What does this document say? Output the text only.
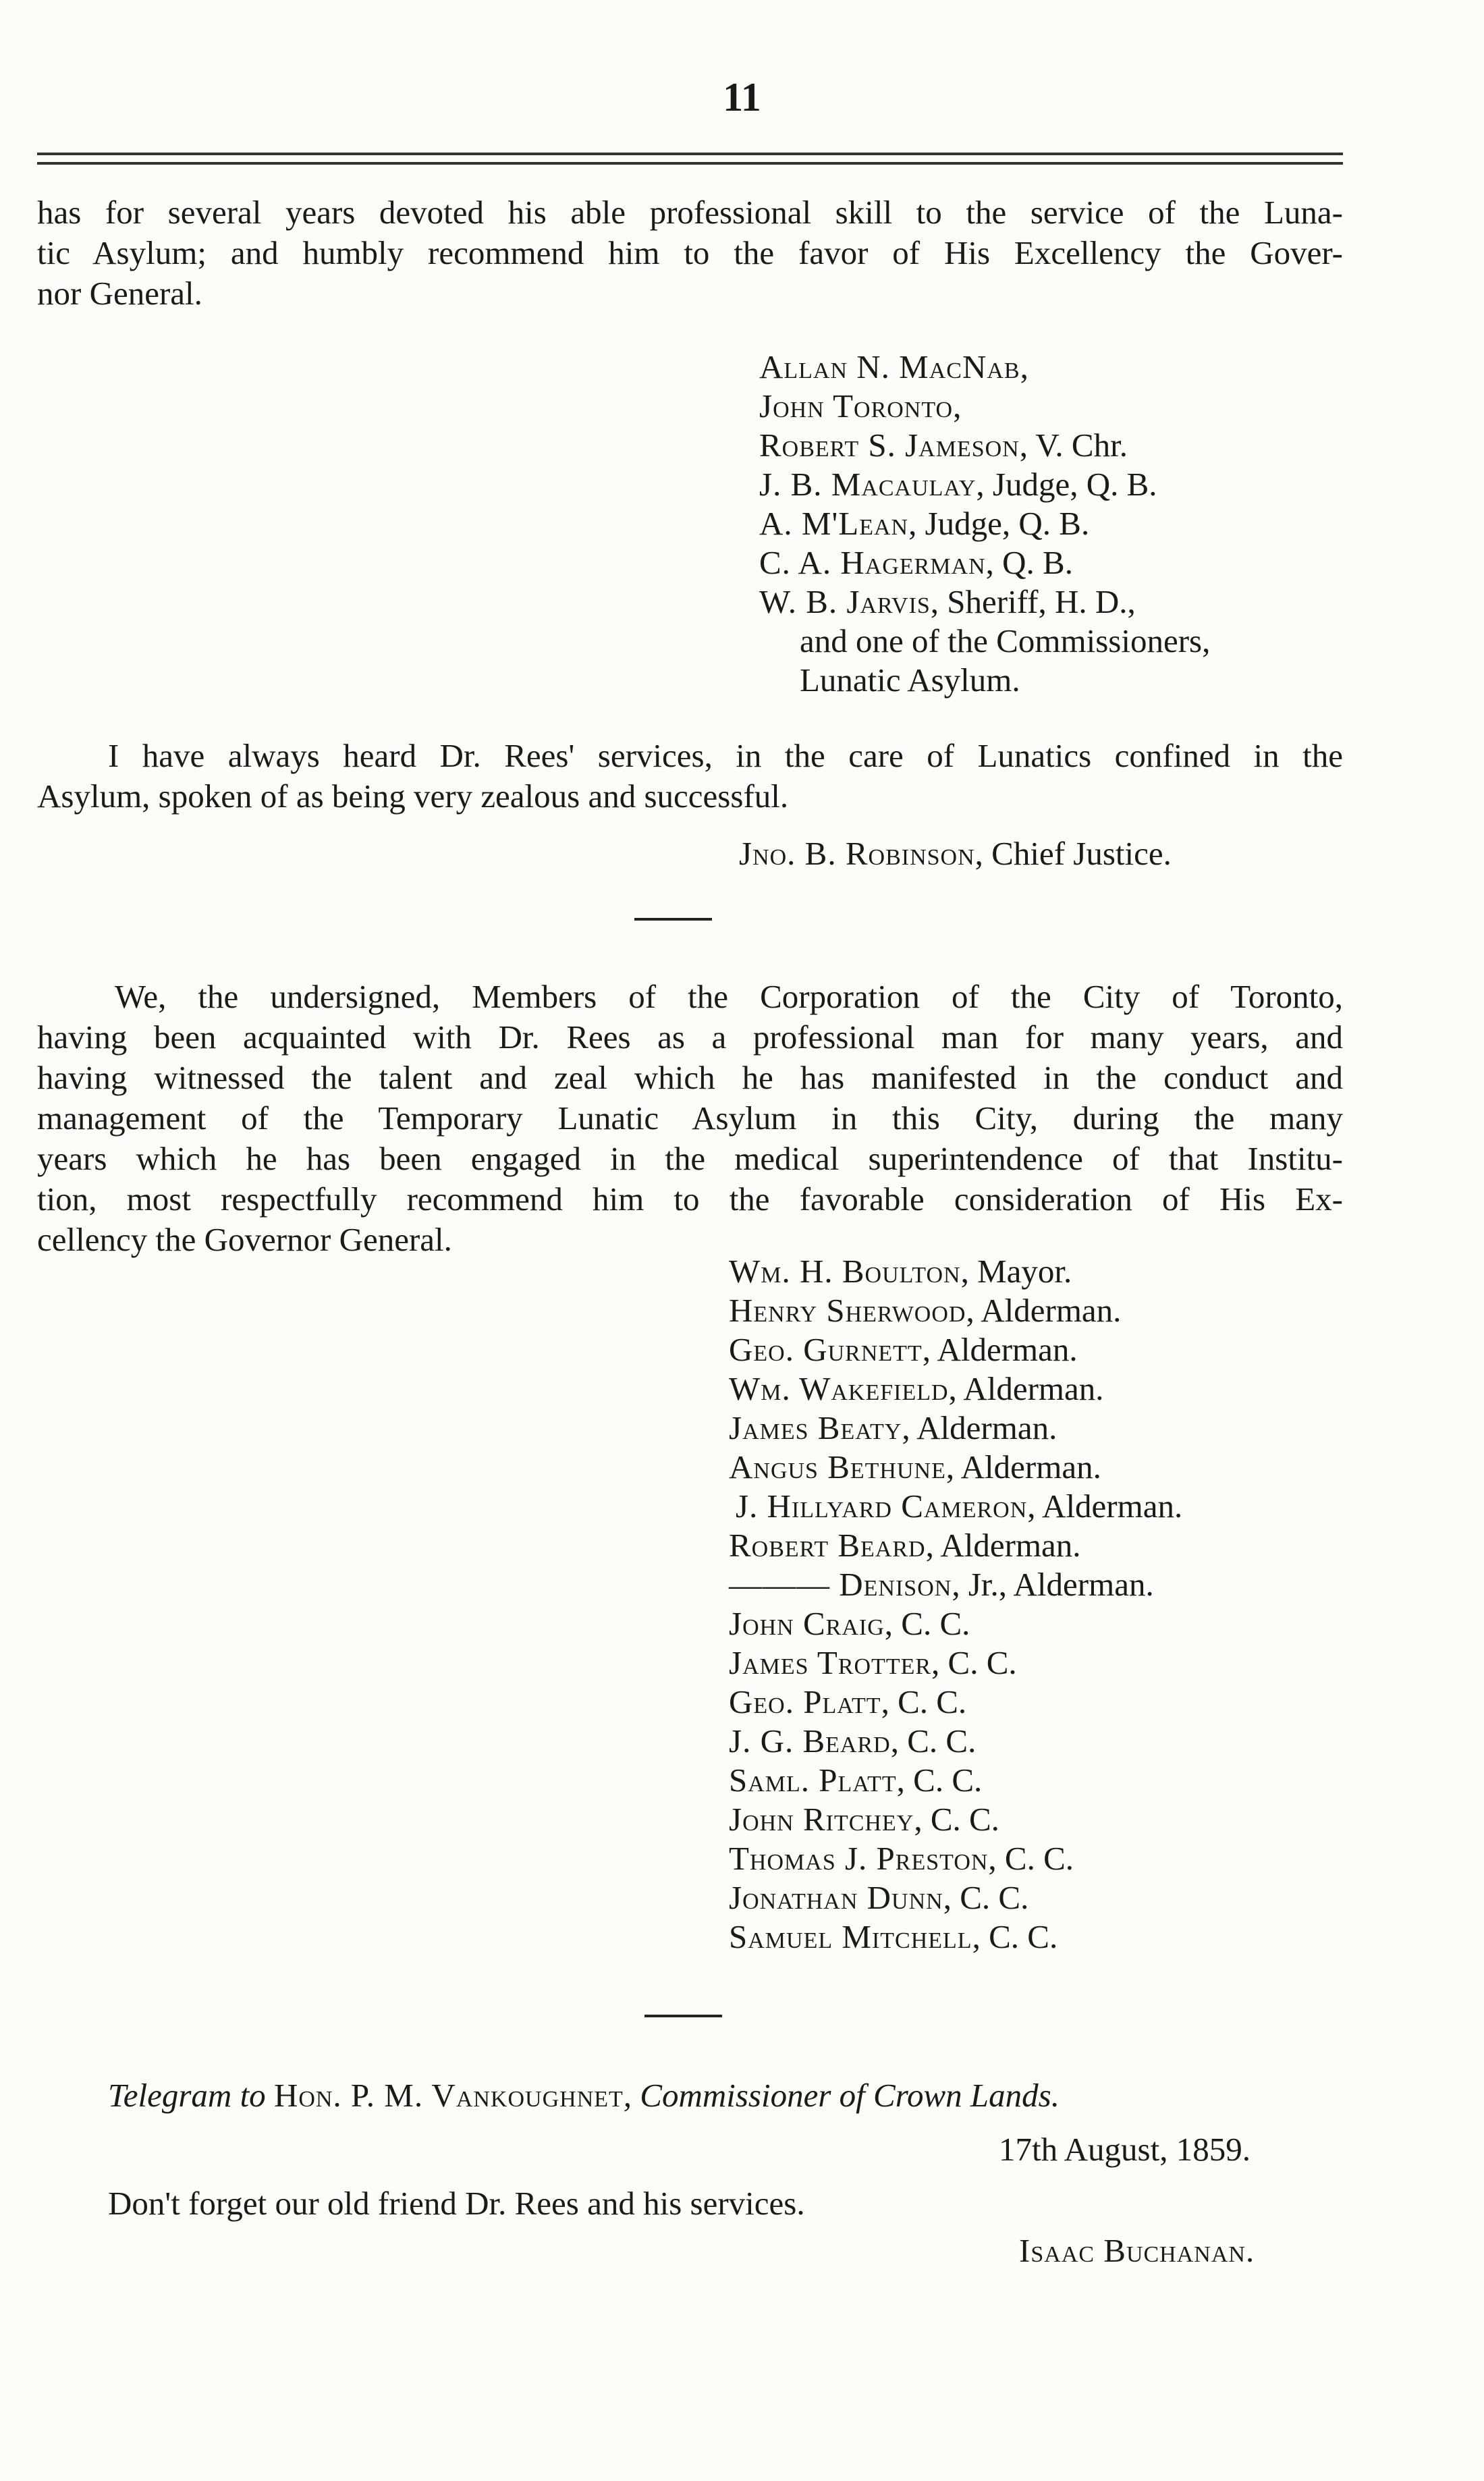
11
has for several years devoted his able professional skill to the service of the Luna-
tic Asylum; and humbly recommend him to the favor of His Excellency the Gover-
nor General.
Allan N. MacNab,
John Toronto,
Robert S. Jameson, V. Chr.
J. B. Macaulay, Judge, Q. B.
A. M'Lean, Judge, Q. B.
C. A. Hagerman, Q. B.
W. B. Jarvis, Sheriff, H. D.,
and one of the Commissioners,
Lunatic Asylum.
I have always heard Dr. Rees' services, in the care of Lunatics confined in the
Asylum, spoken of as being very zealous and successful.
Jno. B. Robinson, Chief Justice.
We, the undersigned, Members of the Corporation of the City of Toronto,
having been acquainted with Dr. Rees as a professional man for many years, and
having witnessed the talent and zeal which he has manifested in the conduct and
management of the Temporary Lunatic Asylum in this City, during the many
years which he has been engaged in the medical superintendence of that Institu-
tion, most respectfully recommend him to the favorable consideration of His Ex-
cellency the Governor General.
Wm. H. Boulton, Mayor.
Henry Sherwood, Alderman.
Geo. Gurnett, Alderman.
Wm. Wakefield, Alderman.
James Beaty, Alderman.
Angus Bethune, Alderman.
J. Hillyard Cameron, Alderman.
Robert Beard, Alderman.
——— Denison, Jr., Alderman.
John Craig, C. C.
James Trotter, C. C.
Geo. Platt, C. C.
J. G. Beard, C. C.
Saml. Platt, C. C.
John Ritchey, C. C.
Thomas J. Preston, C. C.
Jonathan Dunn, C. C.
Samuel Mitchell, C. C.
Telegram to Hon. P. M. Vankoughnet, Commissioner of Crown Lands.
17th August, 1859.
Don't forget our old friend Dr. Rees and his services.
Isaac Buchanan.
